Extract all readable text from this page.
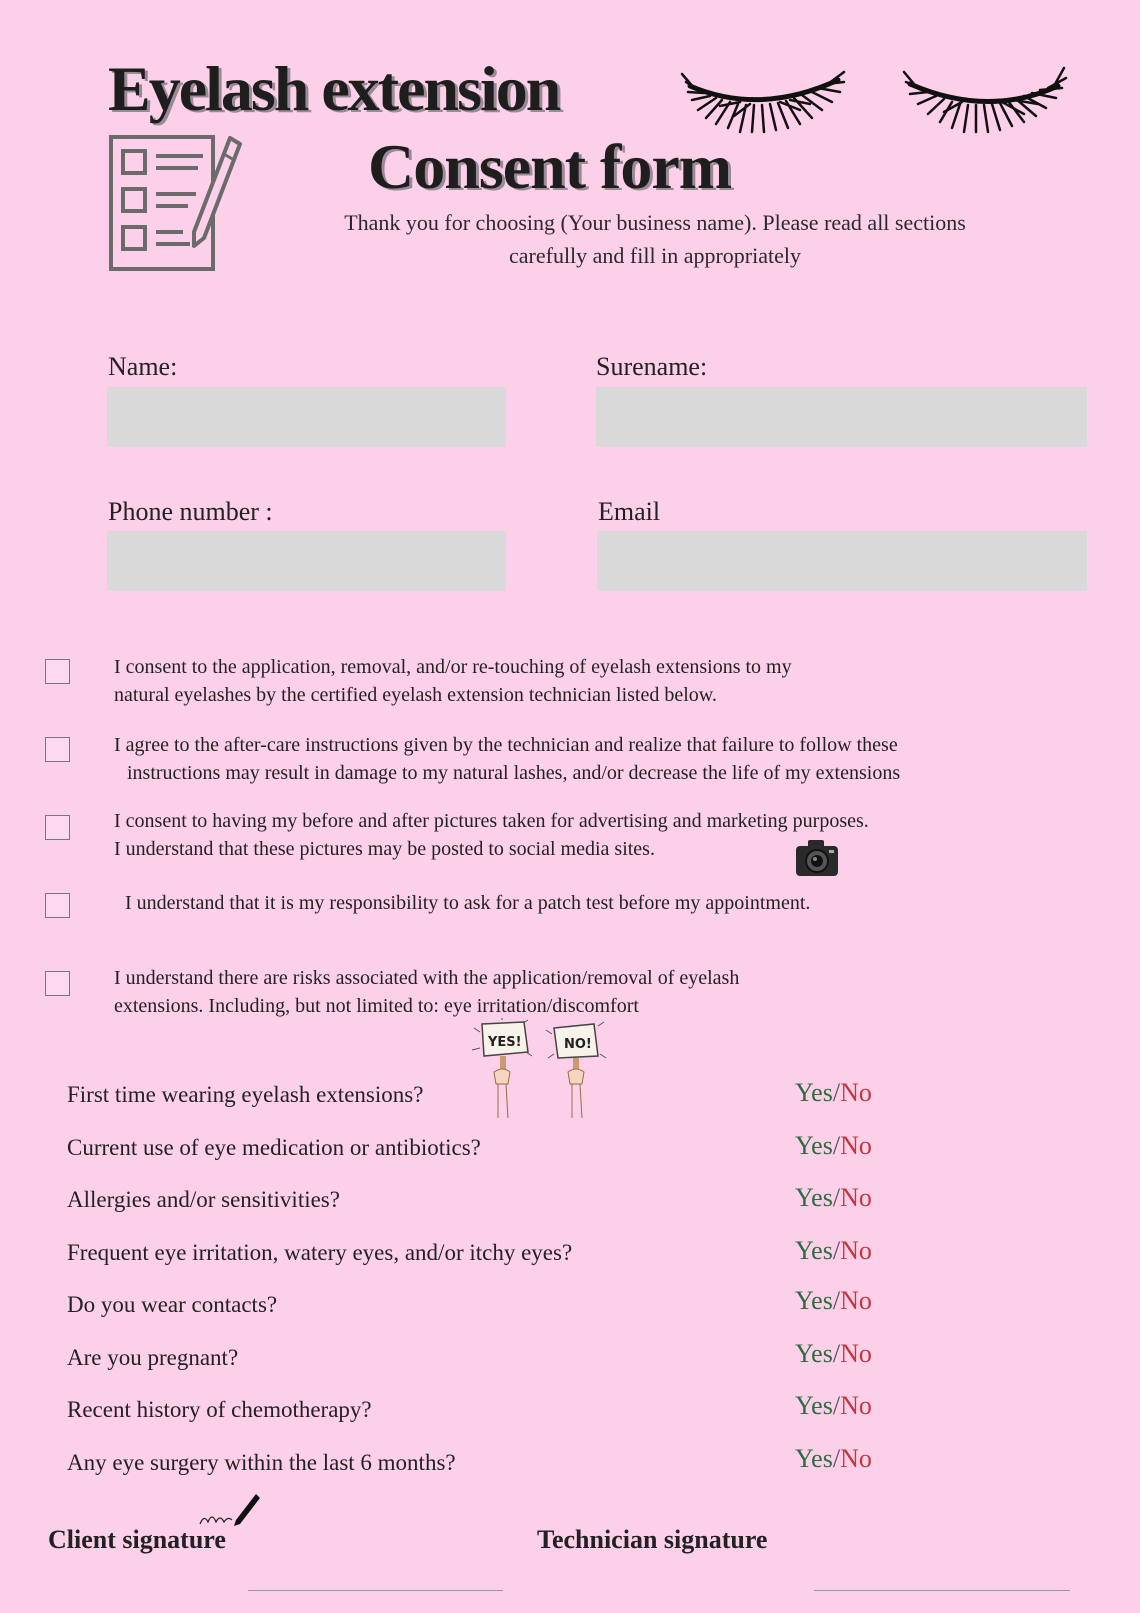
Eyelash extension
Consent form
Thank you for choosing (Your business name). Please read all sections
carefully and fill in appropriately
Name:	Surename:
Phone number :	Email
I consent to the application, removal, and/or re-touching of eyelash extensions to my
natural eyelashes by the certified eyelash extension technician listed below.
I agree to the after-care instructions given by the technician and realize that failure to follow these
instructions may result in damage to my natural lashes, and/or decrease the life of my extensions
I consent to having my before and after pictures taken for advertising and marketing purposes.
I understand that these pictures may be posted to social media sites.
I understand that it is my responsibility to ask for a patch test before my appointment.
I understand there are risks associated with the application/removal of eyelash
extensions. Including, but not limited to: eye irritation/discomfort
YES!	NO!
First time wearing eyelash extensions?	Yes/No
Current use of eye medication or antibiotics?	Yes/No
Allergies and/or sensitivities?	Yes/No
Frequent eye irritation, watery eyes, and/or itchy eyes?	Yes/No
Do you wear contacts?	Yes/No
Are you pregnant?	Yes/No
Recent history of chemotherapy?	Yes/No
Any eye surgery within the last 6 months?	Yes/No
Client signature	Technician signature
